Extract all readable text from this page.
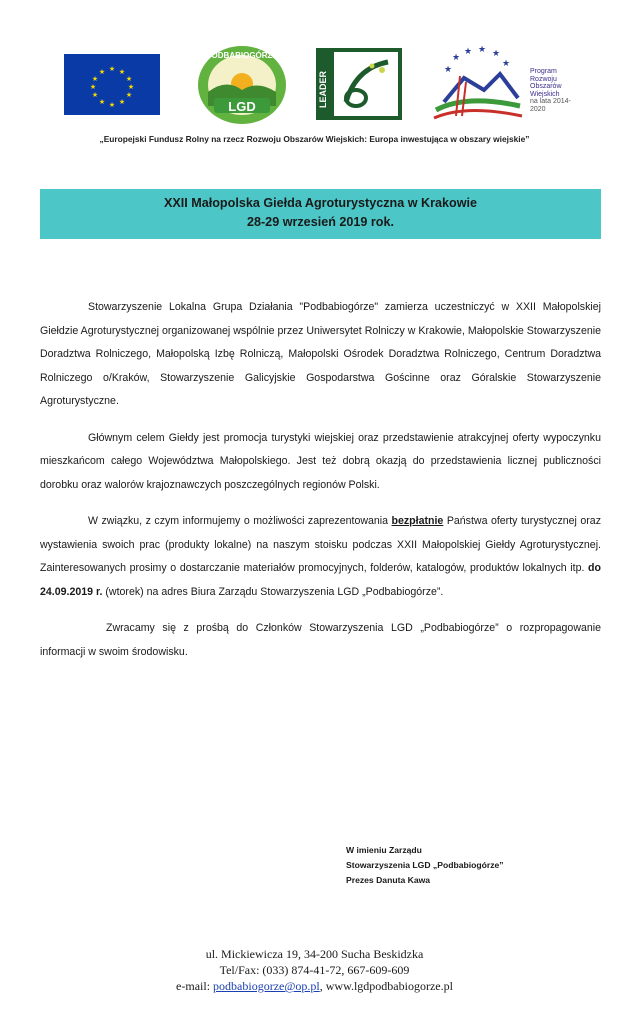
★ ★
★
★
★
★
★
★
★
★
★
★
PODBABIOGÓRZE
LGD	LEADER
★
★
★ ★ ★
★
Program
Rozwoju
Obszarów
Wiejskich
na lata 2014-2020
„Europejski Fundusz Rolny na rzecz Rozwoju Obszarów Wiejskich: Europa inwestująca w obszary wiejskie”
XXII Małopolska Giełda Agroturystyczna w Krakowie
28-29 wrzesień 2019 rok.

Stowarzyszenie Lokalna Grupa Działania "Podbabiogórze" zamierza uczestniczyć w XXII Małopolskiej Giełdzie Agroturystycznej organizowanej wspólnie przez Uniwersytet Rolniczy w Krakowie, Małopolskie Stowarzyszenie Doradztwa Rolniczego, Małopolską Izbę Rolniczą, Małopolski Ośrodek Doradztwa Rolniczego, Centrum Doradztwa Rolniczego o/Kraków, Stowarzyszenie Galicyjskie Gospodarstwa Gościnne oraz Góralskie Stowarzyszenie Agroturystyczne.

Głównym celem Giełdy jest promocja turystyki wiejskiej oraz przedstawienie atrakcyjnej oferty wypoczynku mieszkańcom całego Województwa Małopolskiego. Jest też dobrą okazją do przedstawienia licznej publiczności dorobku oraz walorów krajoznawczych poszczególnych regionów Polski.

W związku, z czym informujemy o możliwości zaprezentowania bezpłatnie Państwa oferty turystycznej oraz wystawienia swoich prac (produkty lokalne) na naszym stoisku podczas XXII Małopolskiej Giełdy Agroturystycznej. Zainteresowanych prosimy o dostarczanie materiałów promocyjnych, folderów, katalogów, produktów lokalnych itp. do 24.09.2019 r. (wtorek) na adres Biura Zarządu Stowarzyszenia LGD „Podbabiogórze”.

Zwracamy się z prośbą do Członków Stowarzyszenia LGD „Podbabiogórze” o rozpropagowanie informacji w swoim środowisku.

W imieniu Zarządu
Stowarzyszenia LGD „Podbabiogórze”
Prezes Danuta Kawa
ul. Mickiewicza 19, 34-200 Sucha Beskidzka
Tel/Fax: (033) 874-41-72, 667-609-609
e-mail: podbabiogorze@op.pl, www.lgdpodbabiogorze.pl
